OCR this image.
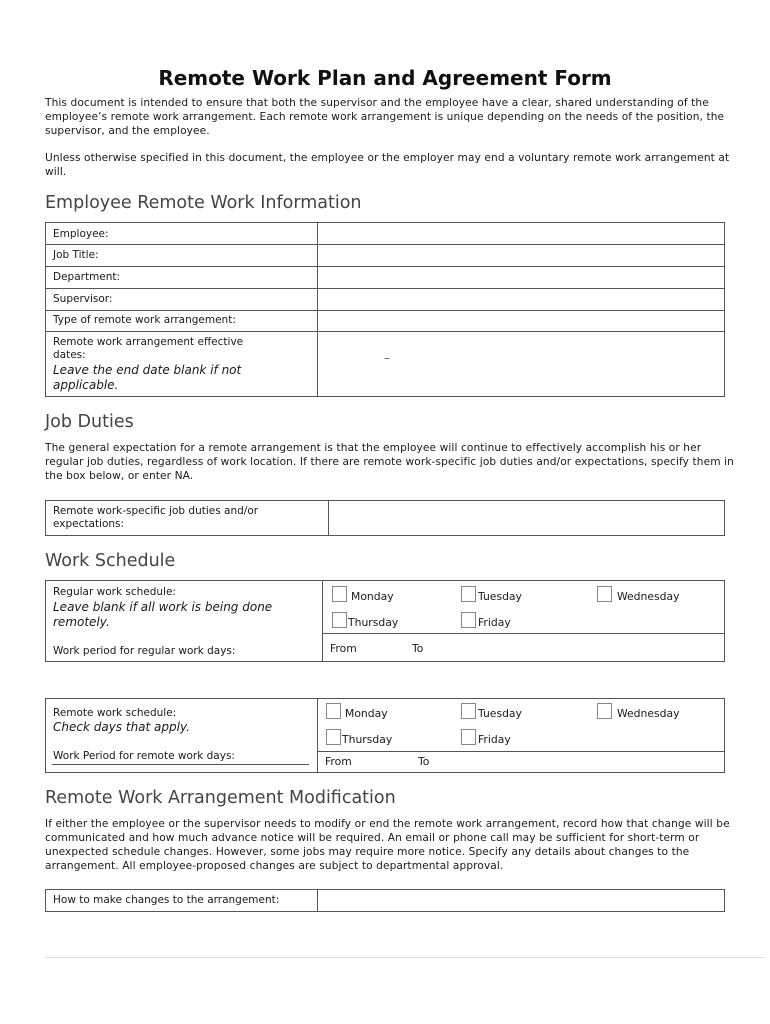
Remote Work Plan and Agreement Form
This document is intended to ensure that both the supervisor and the employee have a clear, shared understanding of the employee’s remote work arrangement. Each remote work arrangement is unique depending on the needs of the position, the supervisor, and the employee.
Unless otherwise specified in this document, the employee or the employer may end a voluntary remote work arrangement at will.
Employee Remote Work Information
Employee:
Job Title:
Department:
Supervisor:
Type of remote work arrangement:
Remote work arrangement effective dates:
Leave the end date blank if not applicable.
–
Job Duties
The general expectation for a remote arrangement is that the employee will continue to effectively accomplish his or her regular job duties, regardless of work location. If there are remote work-specific job duties and/or expectations, specify them in the box below, or enter NA.
Remote work-specific job duties and/or expectations:
Work Schedule
Regular work schedule:
Leave blank if all work is being done remotely.
Work period for regular work days:
Monday	Tuesday	Wednesday
Thursday	Friday
From	To
Remote work schedule:
Check days that apply.
Work Period for remote work days:
Monday	Tuesday	Wednesday
Thursday	Friday
From	To
Remote Work Arrangement Modification
If either the employee or the supervisor needs to modify or end the remote work arrangement, record how that change will be communicated and how much advance notice will be required. An email or phone call may be sufficient for short-term or unexpected schedule changes. However, some jobs may require more notice. Specify any details about changes to the arrangement. All employee-proposed changes are subject to departmental approval.
How to make changes to the arrangement:
